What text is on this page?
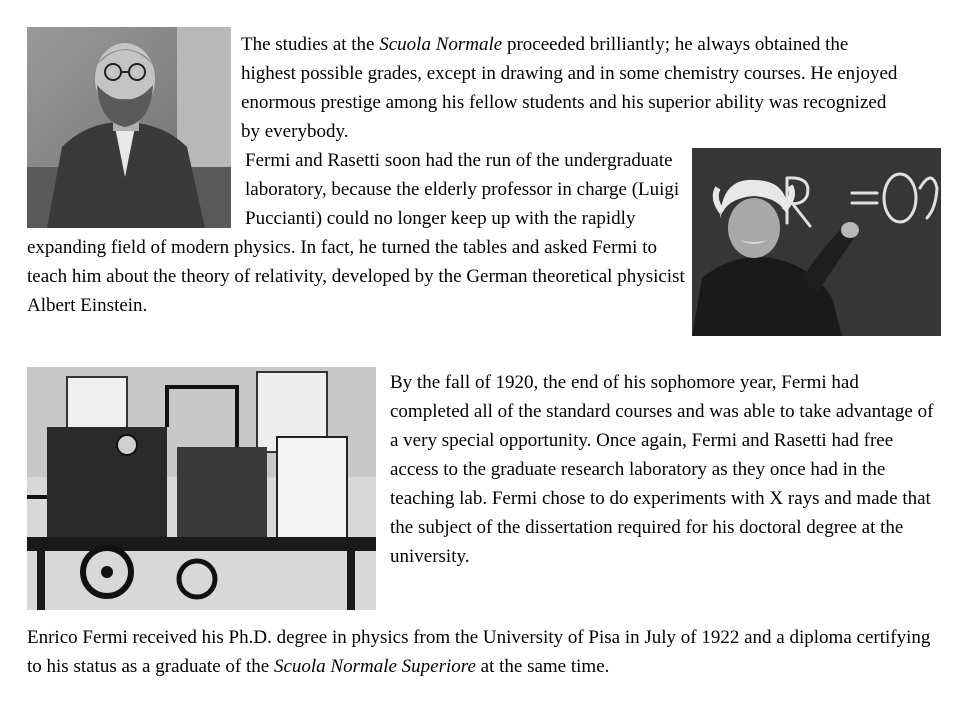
The studies at the Scuola Normale proceeded brilliantly; he always obtained the highest possible grades, except in drawing and in some chemistry courses. He enjoyed enormous prestige among his fellow students and his superior ability was recognized by everybody.

Fermi and Rasetti soon had the run of the undergraduate laboratory, because the elderly professor in charge (Luigi Puccianti) could no longer keep up with the rapidly expanding field of modern physics. In fact, he turned the tables and asked Fermi to teach him about the theory of relativity, developed by the German theoretical physicist Albert Einstein.

By the fall of 1920, the end of his sophomore year, Fermi had completed all of the standard courses and was able to take advantage of a very special opportunity. Once again, Fermi and Rasetti had free access to the graduate research laboratory as they once had in the teaching lab. Fermi chose to do experiments with X rays and made that the subject of the dissertation required for his doctoral degree at the university.

Enrico Fermi received his Ph.D. degree in physics from the University of Pisa in July of 1922 and a diploma certifying to his status as a graduate of the Scuola Normale Superiore at the same time.
